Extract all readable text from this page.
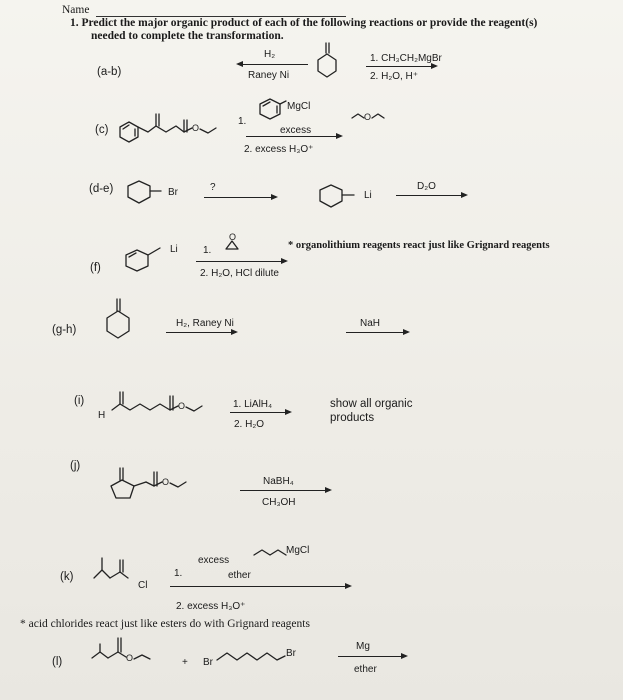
Name
1. Predict the major organic product of each of the following reactions or provide the reagent(s)
needed to complete the transformation.
(a-b)
H₂
Raney Ni
1. CH₃CH₂MgBr
2. H₂O, H⁺
(c)	O
MgCl
1.
excess
2. excess H₃O⁺
O
(d-e)	Br	?
Li
D₂O
(f)
Li	1.
O
2. H₂O, HCl dilute
* organolithium reagents react just like Grignard reagents
(g-h)
H₂, Raney Ni	NaH
(i)	O
H
1. LiAlH₄
2. H₂O
show all organic
products
(j)
O	NaBH₄
CH₃OH
(k)
Cl
1.
excess
MgCl
ether
2. excess H₃O⁺
* acid chlorides react just like esters do with Grignard reagents
(l)	O	+ Br
Br
Mg
ether
